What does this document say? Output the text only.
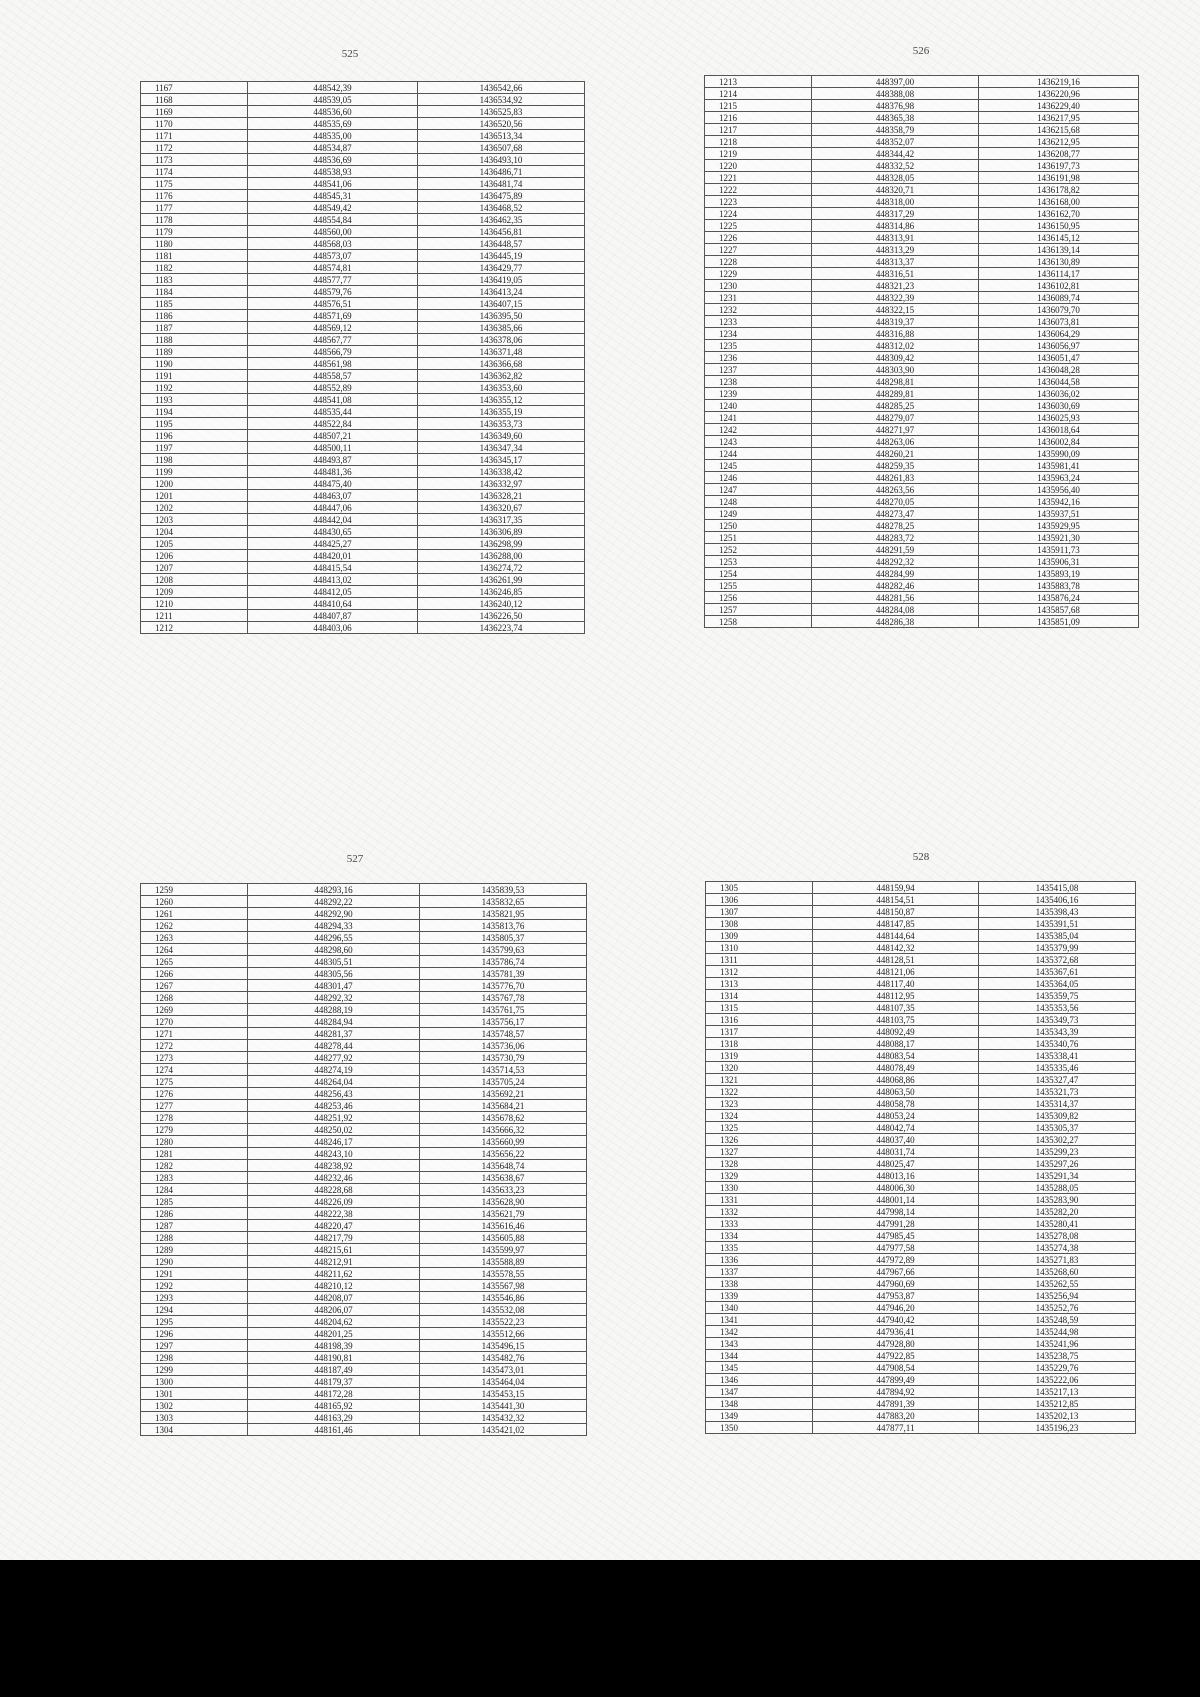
525
1167	448542,39	1436542,66
1168	448539,05	1436534,92
1169	448536,60	1436525,83
1170	448535,69	1436520,56
1171	448535,00	1436513,34
1172	448534,87	1436507,68
1173	448536,69	1436493,10
1174	448538,93	1436486,71
1175	448541,06	1436481,74
1176	448545,31	1436475,89
1177	448549,42	1436468,52
1178	448554,84	1436462,35
1179	448560,00	1436456,81
1180	448568,03	1436448,57
1181	448573,07	1436445,19
1182	448574,81	1436429,77
1183	448577,77	1436419,05
1184	448579,76	1436413,24
1185	448576,51	1436407,15
1186	448571,69	1436395,50
1187	448569,12	1436385,66
1188	448567,77	1436378,06
1189	448566,79	1436371,48
1190	448561,98	1436366,68
1191	448558,57	1436362,82
1192	448552,89	1436353,60
1193	448541,08	1436355,12
1194	448535,44	1436355,19
1195	448522,84	1436353,73
1196	448507,21	1436349,60
1197	448500,11	1436347,34
1198	448493,87	1436345,17
1199	448481,36	1436338,42
1200	448475,40	1436332,97
1201	448463,07	1436328,21
1202	448447,06	1436320,67
1203	448442,04	1436317,35
1204	448430,65	1436306,89
1205	448425,27	1436298,99
1206	448420,01	1436288,00
1207	448415,54	1436274,72
1208	448413,02	1436261,99
1209	448412,05	1436246,85
1210	448410,64	1436240,12
1211	448407,87	1436226,50
1212	448403,06	1436223,74
526
1213	448397,00	1436219,16
1214	448388,08	1436220,96
1215	448376,98	1436229,40
1216	448365,38	1436217,95
1217	448358,79	1436215,68
1218	448352,07	1436212,95
1219	448344,42	1436208,77
1220	448332,52	1436197,73
1221	448328,05	1436191,98
1222	448320,71	1436178,82
1223	448318,00	1436168,00
1224	448317,29	1436162,70
1225	448314,86	1436150,95
1226	448313,91	1436145,12
1227	448313,29	1436139,14
1228	448313,37	1436130,89
1229	448316,51	1436114,17
1230	448321,23	1436102,81
1231	448322,39	1436089,74
1232	448322,15	1436079,70
1233	448319,37	1436073,81
1234	448316,88	1436064,29
1235	448312,02	1436056,97
1236	448309,42	1436051,47
1237	448303,90	1436048,28
1238	448298,81	1436044,58
1239	448289,81	1436036,02
1240	448285,25	1436030,69
1241	448279,07	1436025,93
1242	448271,97	1436018,64
1243	448263,06	1436002,84
1244	448260,21	1435990,09
1245	448259,35	1435981,41
1246	448261,83	1435963,24
1247	448263,56	1435956,40
1248	448270,05	1435942,16
1249	448273,47	1435937,51
1250	448278,25	1435929,95
1251	448283,72	1435921,30
1252	448291,59	1435911,73
1253	448292,32	1435906,31
1254	448284,99	1435893,19
1255	448282,46	1435883,78
1256	448281,56	1435876,24
1257	448284,08	1435857,68
1258	448286,38	1435851,09
527
1259	448293,16	1435839,53
1260	448292,22	1435832,65
1261	448292,90	1435821,95
1262	448294,33	1435813,76
1263	448296,55	1435805,37
1264	448298,60	1435799,63
1265	448305,51	1435786,74
1266	448305,56	1435781,39
1267	448301,47	1435776,70
1268	448292,32	1435767,78
1269	448288,19	1435761,75
1270	448284,94	1435756,17
1271	448281,37	1435748,57
1272	448278,44	1435736,06
1273	448277,92	1435730,79
1274	448274,19	1435714,53
1275	448264,04	1435705,24
1276	448256,43	1435692,21
1277	448253,46	1435684,21
1278	448251,92	1435678,62
1279	448250,02	1435666,32
1280	448246,17	1435660,99
1281	448243,10	1435656,22
1282	448238,92	1435648,74
1283	448232,46	1435638,67
1284	448228,68	1435633,23
1285	448226,09	1435628,90
1286	448222,38	1435621,79
1287	448220,47	1435616,46
1288	448217,79	1435605,88
1289	448215,61	1435599,97
1290	448212,91	1435588,89
1291	448211,62	1435578,55
1292	448210,12	1435567,98
1293	448208,07	1435546,86
1294	448206,07	1435532,08
1295	448204,62	1435522,23
1296	448201,25	1435512,66
1297	448198,39	1435496,15
1298	448190,81	1435482,76
1299	448187,49	1435473,01
1300	448179,37	1435464,04
1301	448172,28	1435453,15
1302	448165,92	1435441,30
1303	448163,29	1435432,32
1304	448161,46	1435421,02
528
1305	448159,94	1435415,08
1306	448154,51	1435406,16
1307	448150,87	1435398,43
1308	448147,85	1435391,51
1309	448144,64	1435385,04
1310	448142,32	1435379,99
1311	448128,51	1435372,68
1312	448121,06	1435367,61
1313	448117,40	1435364,05
1314	448112,95	1435359,75
1315	448107,35	1435353,56
1316	448103,75	1435349,73
1317	448092,49	1435343,39
1318	448088,17	1435340,76
1319	448083,54	1435338,41
1320	448078,49	1435335,46
1321	448068,86	1435327,47
1322	448063,50	1435321,73
1323	448058,78	1435314,37
1324	448053,24	1435309,82
1325	448042,74	1435305,37
1326	448037,40	1435302,27
1327	448031,74	1435299,23
1328	448025,47	1435297,26
1329	448013,16	1435291,34
1330	448006,30	1435288,05
1331	448001,14	1435283,90
1332	447998,14	1435282,20
1333	447991,28	1435280,41
1334	447985,45	1435278,08
1335	447977,58	1435274,38
1336	447972,89	1435271,83
1337	447967,66	1435268,60
1338	447960,69	1435262,55
1339	447953,87	1435256,94
1340	447946,20	1435252,76
1341	447940,42	1435248,59
1342	447936,41	1435244,98
1343	447928,80	1435241,96
1344	447922,85	1435238,75
1345	447908,54	1435229,76
1346	447899,49	1435222,06
1347	447894,92	1435217,13
1348	447891,39	1435212,85
1349	447883,20	1435202,13
1350	447877,11	1435196,23
